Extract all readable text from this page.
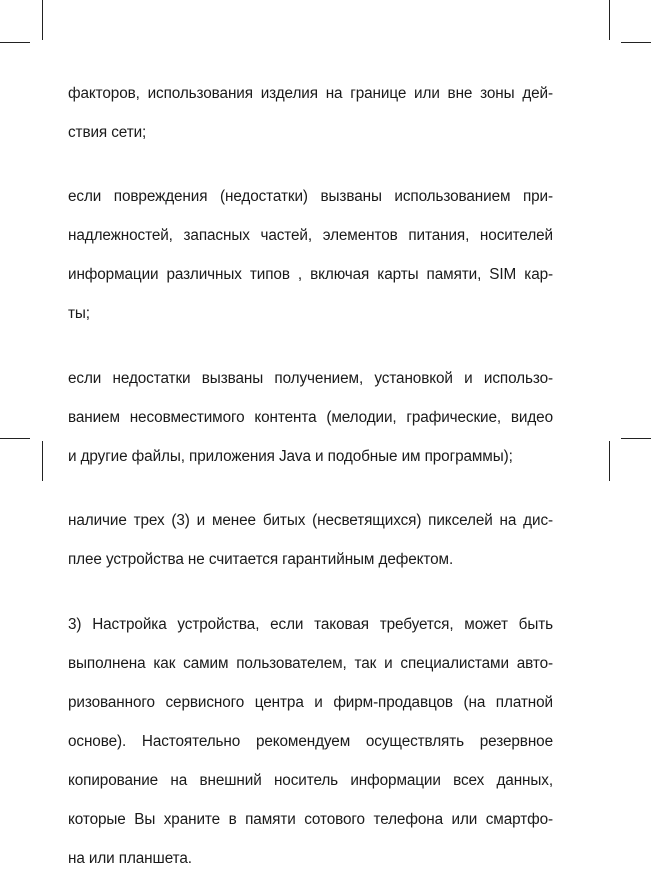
факторов, использования изделия на границе или вне зоны дей-

ствия сети;

если повреждения (недостатки) вызваны использованием при-

надлежностей, запасных частей, элементов питания, носителей

информации различных типов , включая карты памяти, SIM кар-

ты;

если недостатки вызваны получением, установкой и использо-

ванием несовместимого контента (мелодии, графические, видео

и другие файлы, приложения Java и подобные им программы);

наличие трех (3) и менее битых (несветящихся) пикселей на дис-

плее устройства не считается гарантийным дефектом.

3) Настройка устройства, если таковая требуется, может быть

выполнена как самим пользователем, так и специалистами авто-

ризованного сервисного центра и фирм-продавцов (на платной

основе). Настоятельно рекомендуем осуществлять резервное

копирование на внешний носитель информации всех данных,

которые Вы храните в памяти сотового телефона или смартфо-

на или планшета.
